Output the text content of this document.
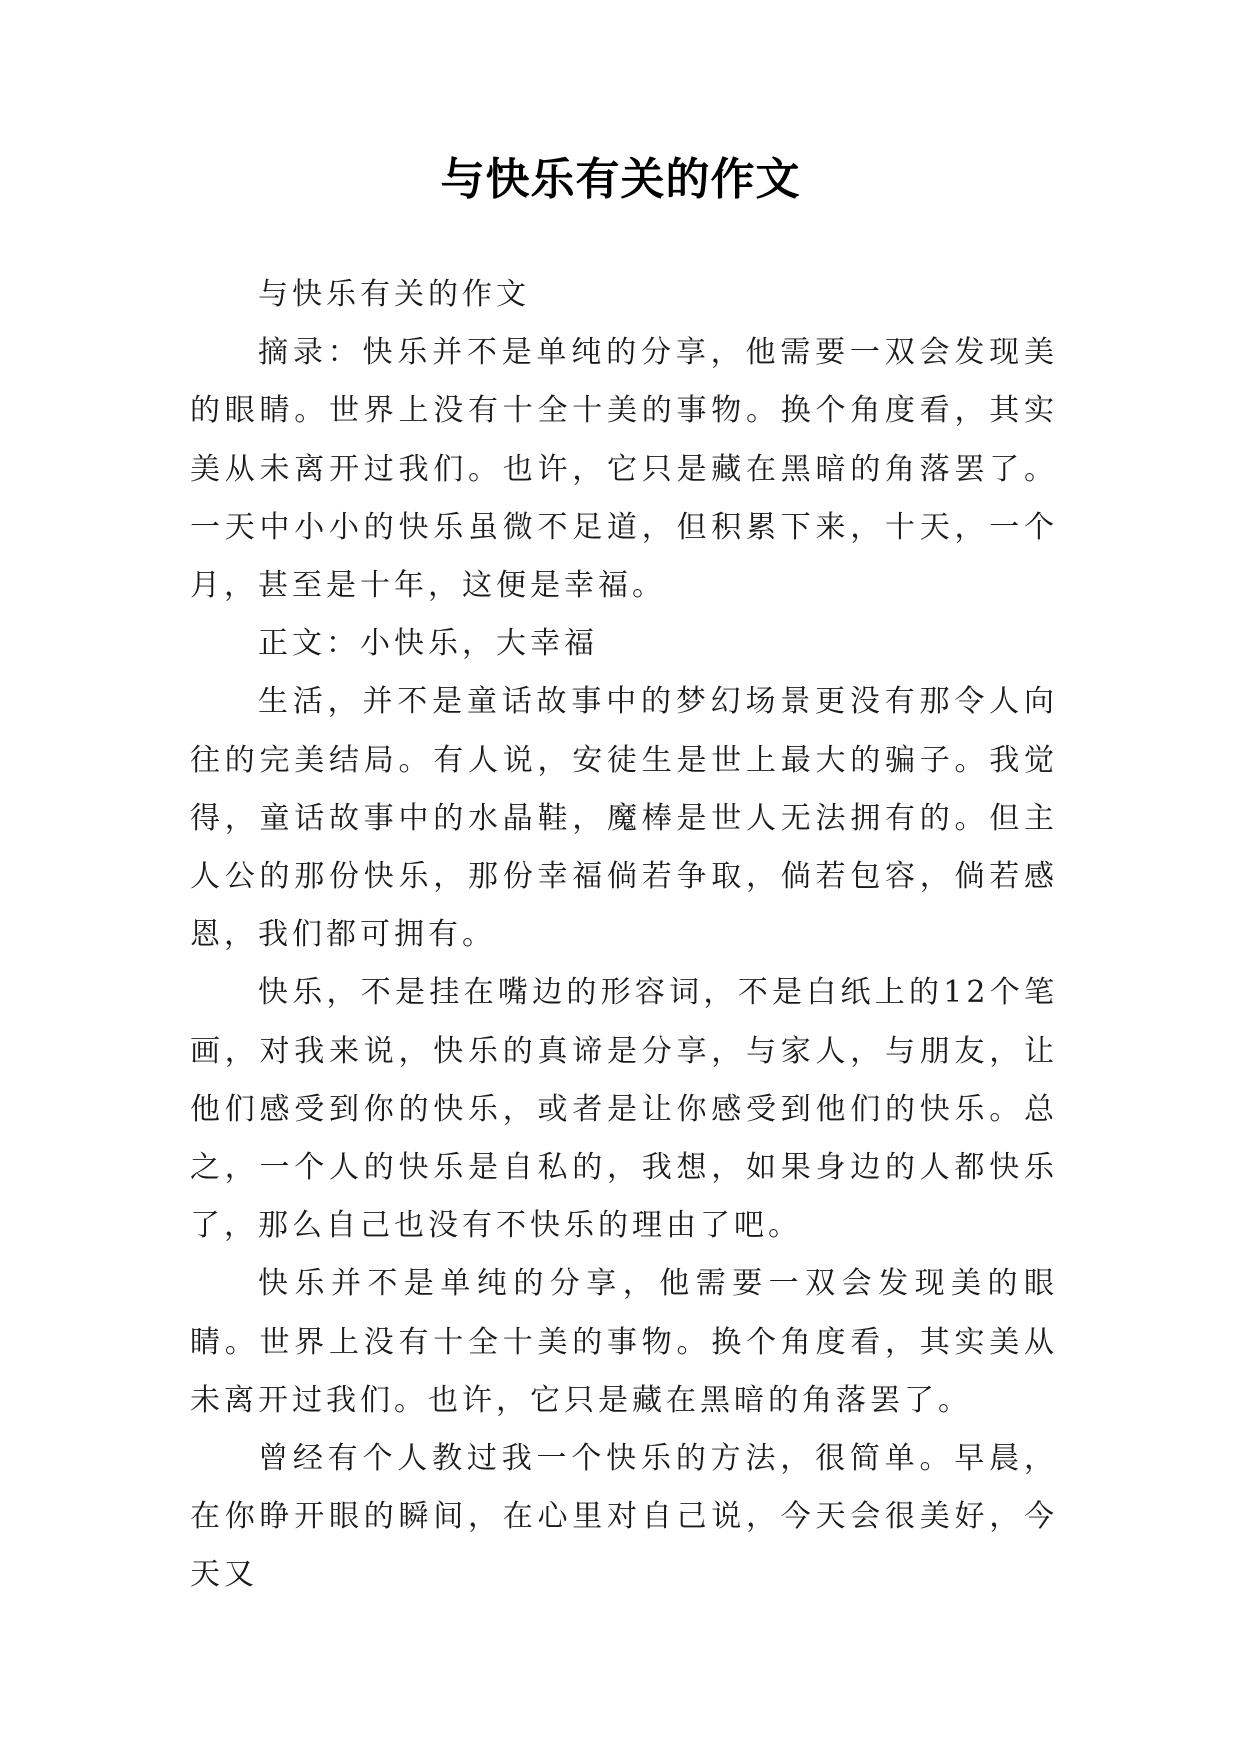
与快乐有关的作文

与快乐有关的作文

摘录：快乐并不是单纯的分享，他需要一双会发现美的眼睛。世界上没有十全十美的事物。换个角度看，其实美从未离开过我们。也许，它只是藏在黑暗的角落罢了。一天中小小的快乐虽微不足道，但积累下来，十天，一个月，甚至是十年，这便是幸福。

正文：小快乐，大幸福

生活，并不是童话故事中的梦幻场景更没有那令人向往的完美结局。有人说，安徒生是世上最大的骗子。我觉得，童话故事中的水晶鞋，魔棒是世人无法拥有的。但主人公的那份快乐，那份幸福倘若争取，倘若包容，倘若感恩，我们都可拥有。

快乐，不是挂在嘴边的形容词，不是白纸上的12个笔画，对我来说，快乐的真谛是分享，与家人，与朋友，让他们感受到你的快乐，或者是让你感受到他们的快乐。总之，一个人的快乐是自私的，我想，如果身边的人都快乐了，那么自己也没有不快乐的理由了吧。

快乐并不是单纯的分享，他需要一双会发现美的眼睛。世界上没有十全十美的事物。换个角度看，其实美从未离开过我们。也许，它只是藏在黑暗的角落罢了。

曾经有个人教过我一个快乐的方法，很简单。早晨，在你睁开眼的瞬间，在心里对自己说，今天会很美好，今天又
